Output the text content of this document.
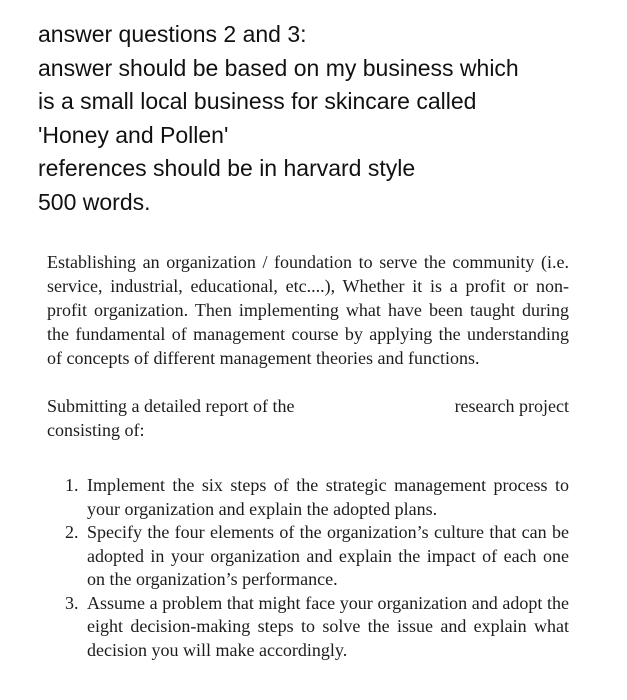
answer questions 2 and 3:
answer should be based on my business which
is a small local business for skincare called
'Honey and Pollen'
references should be in harvard style
500 words.

Establishing an organization / foundation to serve the community (i.e. service, industrial, educational, etc....), Whether it is a profit or non-profit organization. Then implementing what have been taught during the fundamental of management course by applying the understanding of concepts of different management theories and functions.

Submitting a detailed report of the	research project

consisting of:

1. Implement the six steps of the strategic management process to your organization and explain the adopted plans.
2. Specify the four elements of the organization’s culture that can be adopted in your organization and explain the impact of each one on the organization’s performance.
3. Assume a problem that might face your organization and adopt the eight decision-making steps to solve the issue and explain what decision you will make accordingly.
